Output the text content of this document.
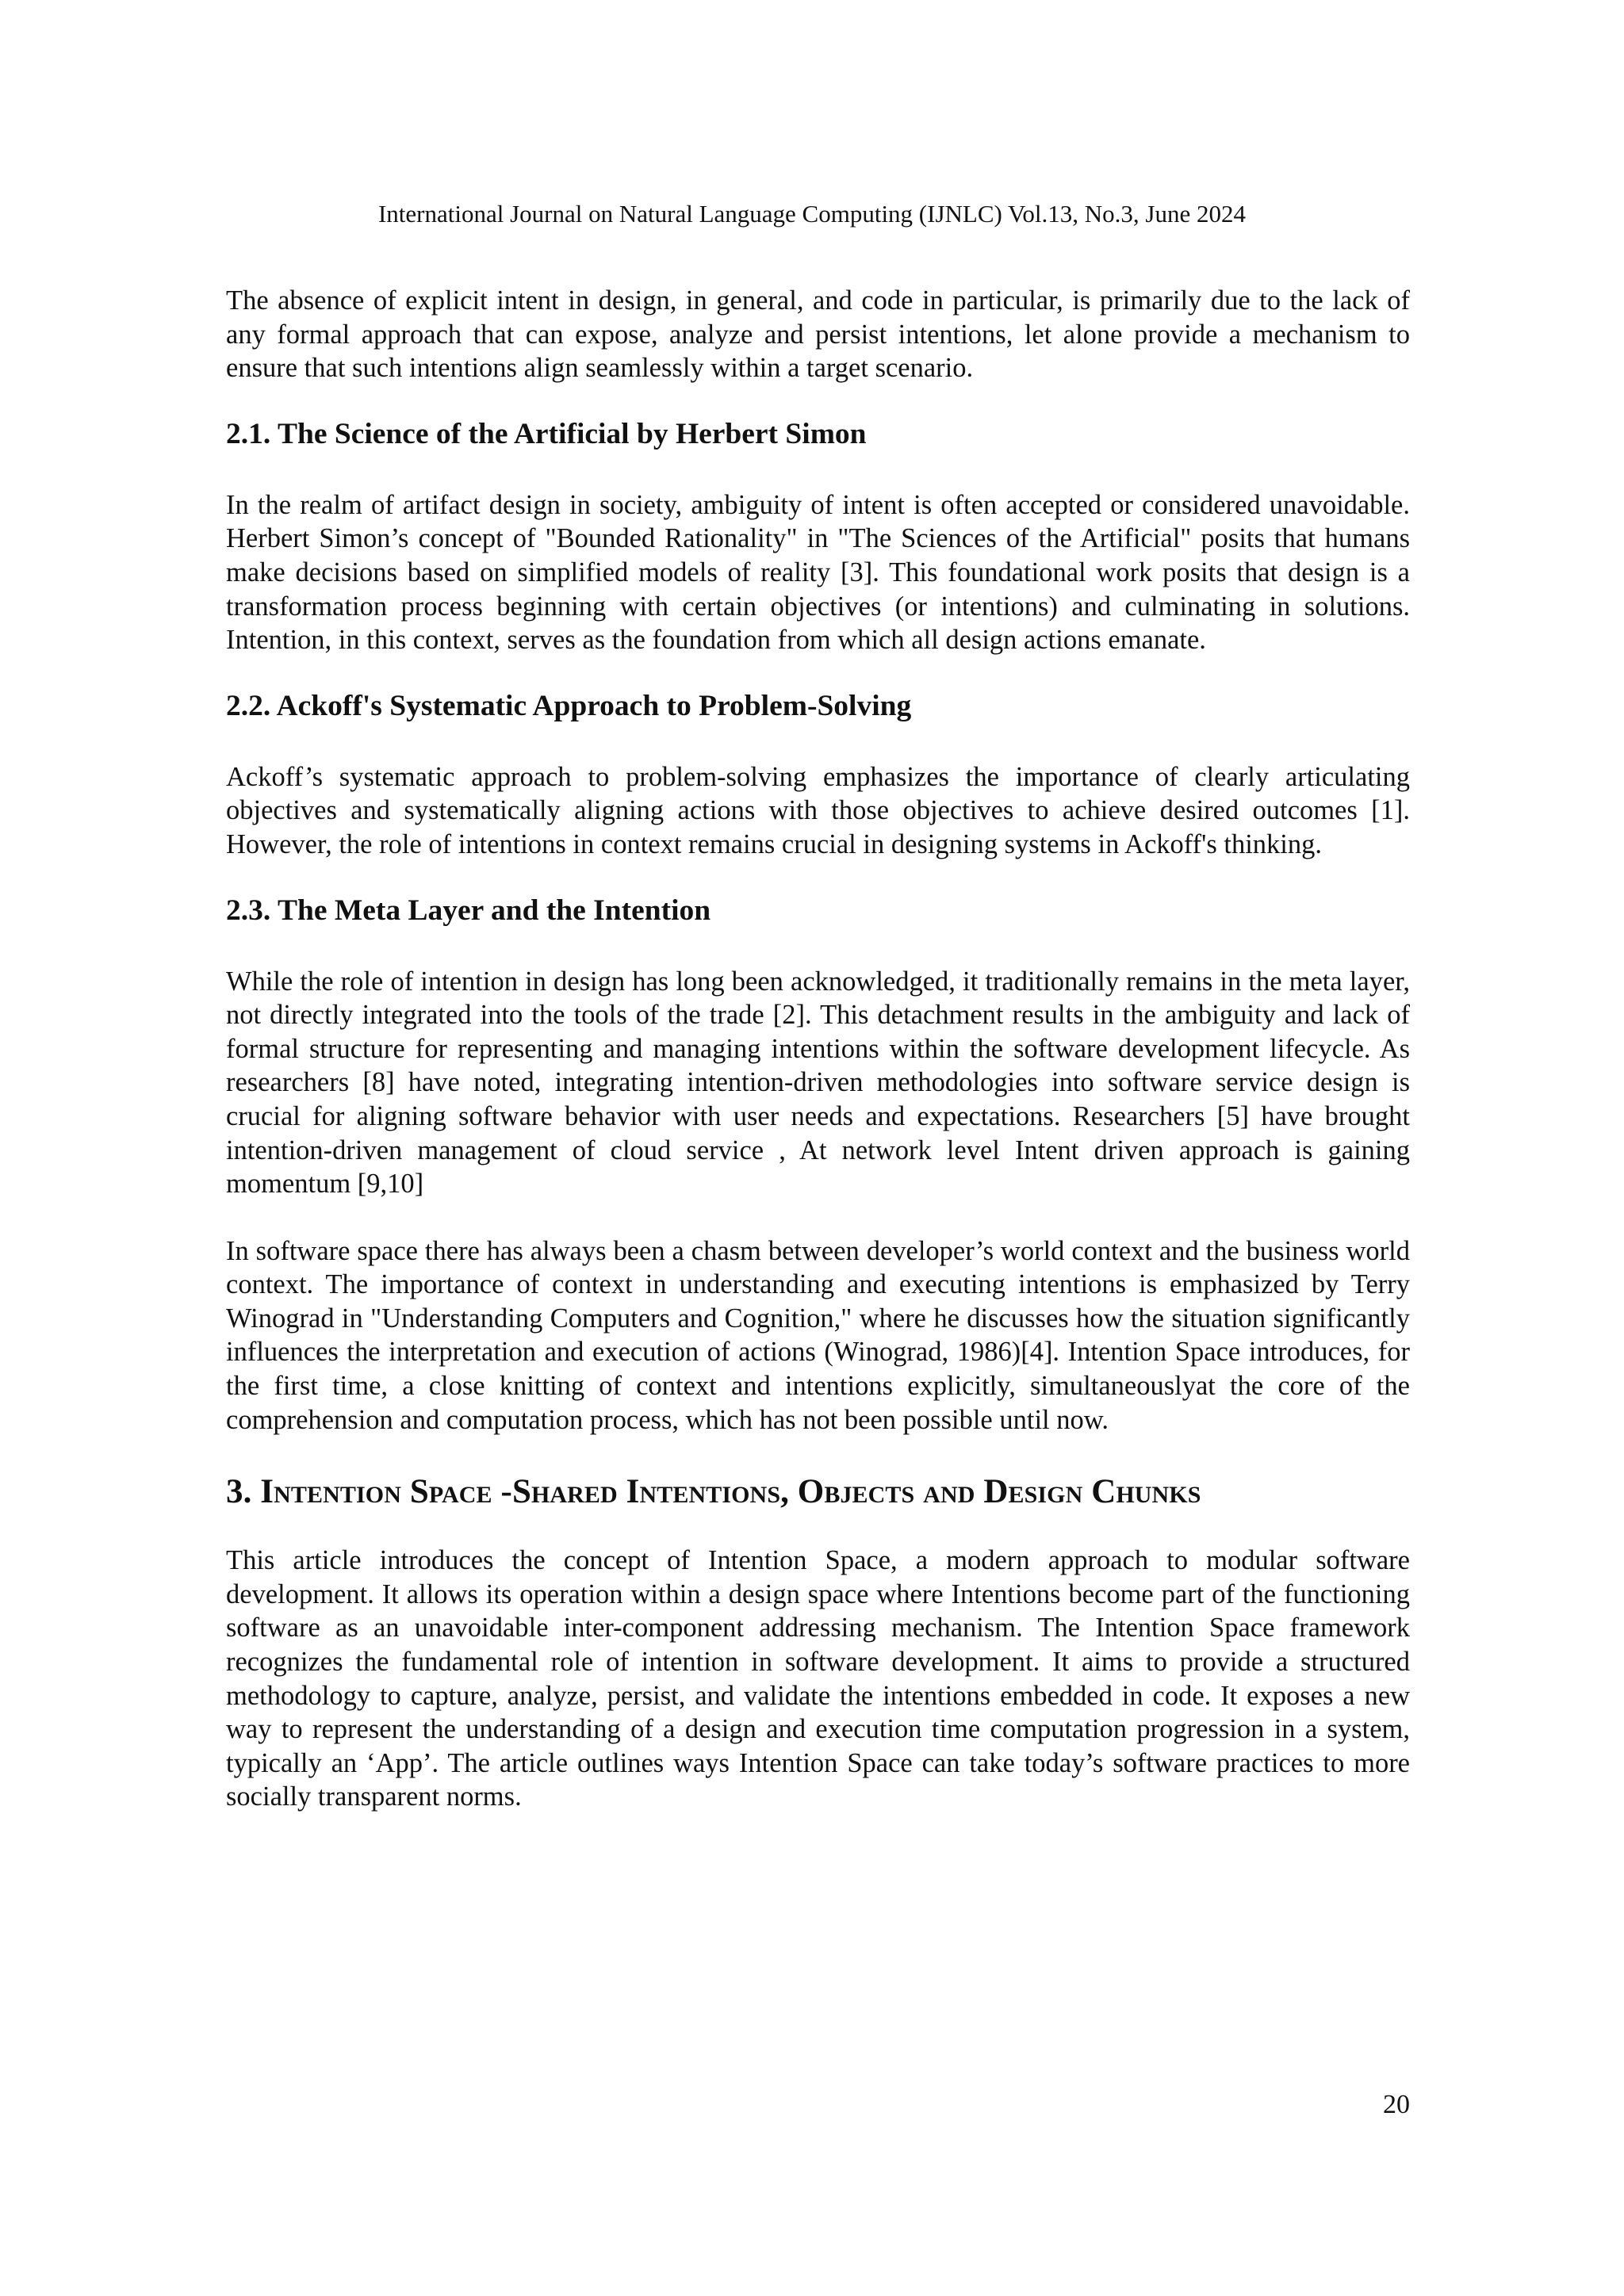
International Journal on Natural Language Computing (IJNLC) Vol.13, No.3, June 2024

The absence of explicit intent in design, in general, and code in particular, is primarily due to the lack of any formal approach that can expose, analyze and persist intentions, let alone provide a mechanism to ensure that such intentions align seamlessly within a target scenario.

2.1. The Science of the Artificial by Herbert Simon

In the realm of artifact design in society, ambiguity of intent is often accepted or considered unavoidable. Herbert Simon’s concept of "Bounded Rationality" in "The Sciences of the Artificial" posits that humans make decisions based on simplified models of reality [3]. This foundational work posits that design is a transformation process beginning with certain objectives (or intentions) and culminating in solutions. Intention, in this context, serves as the foundation from which all design actions emanate.

2.2. Ackoff's Systematic Approach to Problem-Solving

Ackoff’s systematic approach to problem-solving emphasizes the importance of clearly articulating objectives and systematically aligning actions with those objectives to achieve desired outcomes [1]. However, the role of intentions in context remains crucial in designing systems in Ackoff's thinking.

2.3. The Meta Layer and the Intention

While the role of intention in design has long been acknowledged, it traditionally remains in the meta layer, not directly integrated into the tools of the trade [2]. This detachment results in the ambiguity and lack of formal structure for representing and managing intentions within the software development lifecycle. As researchers [8] have noted, integrating intention-driven methodologies into software service design is crucial for aligning software behavior with user needs and expectations. Researchers [5] have brought intention-driven management of cloud service , At network level Intent driven approach is gaining momentum [9,10]

In software space there has always been a chasm between developer’s world context and the business world context. The importance of context in understanding and executing intentions is emphasized by Terry Winograd in "Understanding Computers and Cognition," where he discusses how the situation significantly influences the interpretation and execution of actions (Winograd, 1986)[4]. Intention Space introduces, for the first time, a close knitting of context and intentions explicitly, simultaneouslyat the core of the comprehension and computation process, which has not been possible until now.

3. Intention Space -Shared Intentions, Objects and Design Chunks

This article introduces the concept of Intention Space, a modern approach to modular software development. It allows its operation within a design space where Intentions become part of the functioning software as an unavoidable inter-component addressing mechanism. The Intention Space framework recognizes the fundamental role of intention in software development. It aims to provide a structured methodology to capture, analyze, persist, and validate the intentions embedded in code. It exposes a new way to represent the understanding of a design and execution time computation progression in a system, typically an ‘App’. The article outlines ways Intention Space can take today’s software practices to more socially transparent norms.

20
